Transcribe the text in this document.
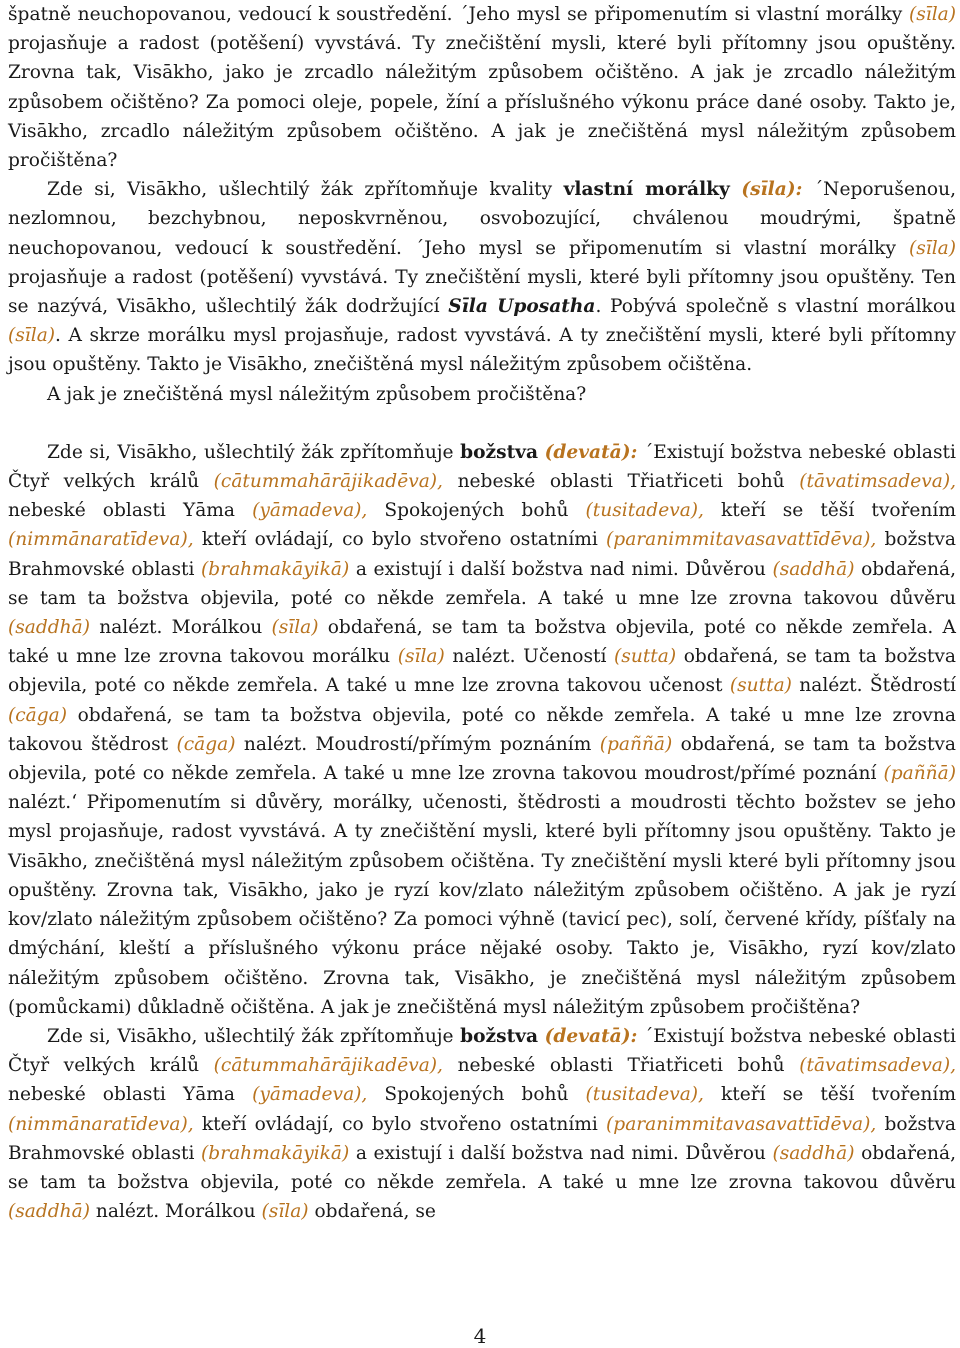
špatně neuchopovanou, vedoucí k soustředění. ´Jeho mysl se připomenutím si vlastní morálky (sīla) projasňuje a radost (potěšení) vyvstává. Ty znečištění mysli, které byli přítomny jsou opuštěny. Zrovna tak, Visākho, jako je zrcadlo náležitým způsobem očištěno. A jak je zrcadlo náležitým způsobem očištěno? Za pomoci oleje, popele, žíní a příslušného výkonu práce dané osoby. Takto je, Visākho, zrcadlo náležitým způsobem očištěno. A jak je znečištěná mysl náležitým způsobem pročištěna?

Zde si, Visākho, ušlechtilý žák zpřítomňuje kvality vlastní morálky (sīla): ´Neporušenou, nezlomnou, bezchybnou, neposkvrněnou, osvobozující, chválenou moudrými, špatně neuchopovanou, vedoucí k soustředění. ´Jeho mysl se připomenutím si vlastní morálky (sīla) projasňuje a radost (potěšení) vyvstává. Ty znečištění mysli, které byli přítomny jsou opuštěny. Ten se nazývá, Visākho, ušlechtilý žák dodržující Sīla Uposatha. Pobývá společně s vlastní morálkou (sīla). A skrze morálku mysl projasňuje, radost vyvstává. A ty znečištění mysli, které byli přítomny jsou opuštěny. Takto je Visākho, znečištěná mysl náležitým způsobem očištěna.

A jak je znečištěná mysl náležitým způsobem pročištěna?

Zde si, Visākho, ušlechtilý žák zpřítomňuje božstva (devatā): ´Existují božstva nebeské oblasti Čtyř velkých králů (cātummahārājikadēva), nebeské oblasti Třiatřiceti bohů (tāvatimsadeva), nebeské oblasti Yāma (yāmadeva), Spokojených bohů (tusitadeva), kteří se těší tvořením (nimmānaratīdeva), kteří ovládají, co bylo stvořeno ostatními (paranimmitavasavattīdēva), božstva Brahmovské oblasti (brahmakāyikā) a existují i další božstva nad nimi. Důvěrou (saddhā) obdařená, se tam ta božstva objevila, poté co někde zemřela. A také u mne lze zrovna takovou důvěru (saddhā) nalézt. Morálkou (sīla) obdařená, se tam ta božstva objevila, poté co někde zemřela. A také u mne lze zrovna takovou morálku (sīla) nalézt. Učeností (sutta) obdařená, se tam ta božstva objevila, poté co někde zemřela. A také u mne lze zrovna takovou učenost (sutta) nalézt. Štědrostí (cāga) obdařená, se tam ta božstva objevila, poté co někde zemřela. A také u mne lze zrovna takovou štědrost (cāga) nalézt. Moudrostí/přímým poznáním (paññā) obdařená, se tam ta božstva objevila, poté co někde zemřela. A také u mne lze zrovna takovou moudrost/přímé poznání (paññā) nalézt.‘ Připomenutím si důvěry, morálky, učenosti, štědrosti a moudrosti těchto božstev se jeho mysl projasňuje, radost vyvstává. A ty znečištění mysli, které byli přítomny jsou opuštěny. Takto je Visākho, znečištěná mysl náležitým způsobem očištěna. Ty znečištění mysli které byli přítomny jsou opuštěny. Zrovna tak, Visākho, jako je ryzí kov/zlato náležitým způsobem očištěno. A jak je ryzí kov/zlato náležitým způsobem očištěno? Za pomoci výhně (tavicí pec), solí, červené křídy, píšťaly na dmýchání, kleští a příslušného výkonu práce nějaké osoby. Takto je, Visākho, ryzí kov/zlato náležitým způsobem očištěno. Zrovna tak, Visākho, je znečištěná mysl náležitým způsobem (pomůckami) důkladně očištěna. A jak je znečištěná mysl náležitým způsobem pročištěna?

Zde si, Visākho, ušlechtilý žák zpřítomňuje božstva (devatā): ´Existují božstva nebeské oblasti Čtyř velkých králů (cātummahārājikadēva), nebeské oblasti Třiatřiceti bohů (tāvatimsadeva), nebeské oblasti Yāma (yāmadeva), Spokojených bohů (tusitadeva), kteří se těší tvořením (nimmānaratīdeva), kteří ovládají, co bylo stvořeno ostatními (paranimmitavasavattīdēva), božstva Brahmovské oblasti (brahmakāyikā) a existují i další božstva nad nimi. Důvěrou (saddhā) obdařená, se tam ta božstva objevila, poté co někde zemřela. A také u mne lze zrovna takovou důvěru (saddhā) nalézt. Morálkou (sīla) obdařená, se

4
